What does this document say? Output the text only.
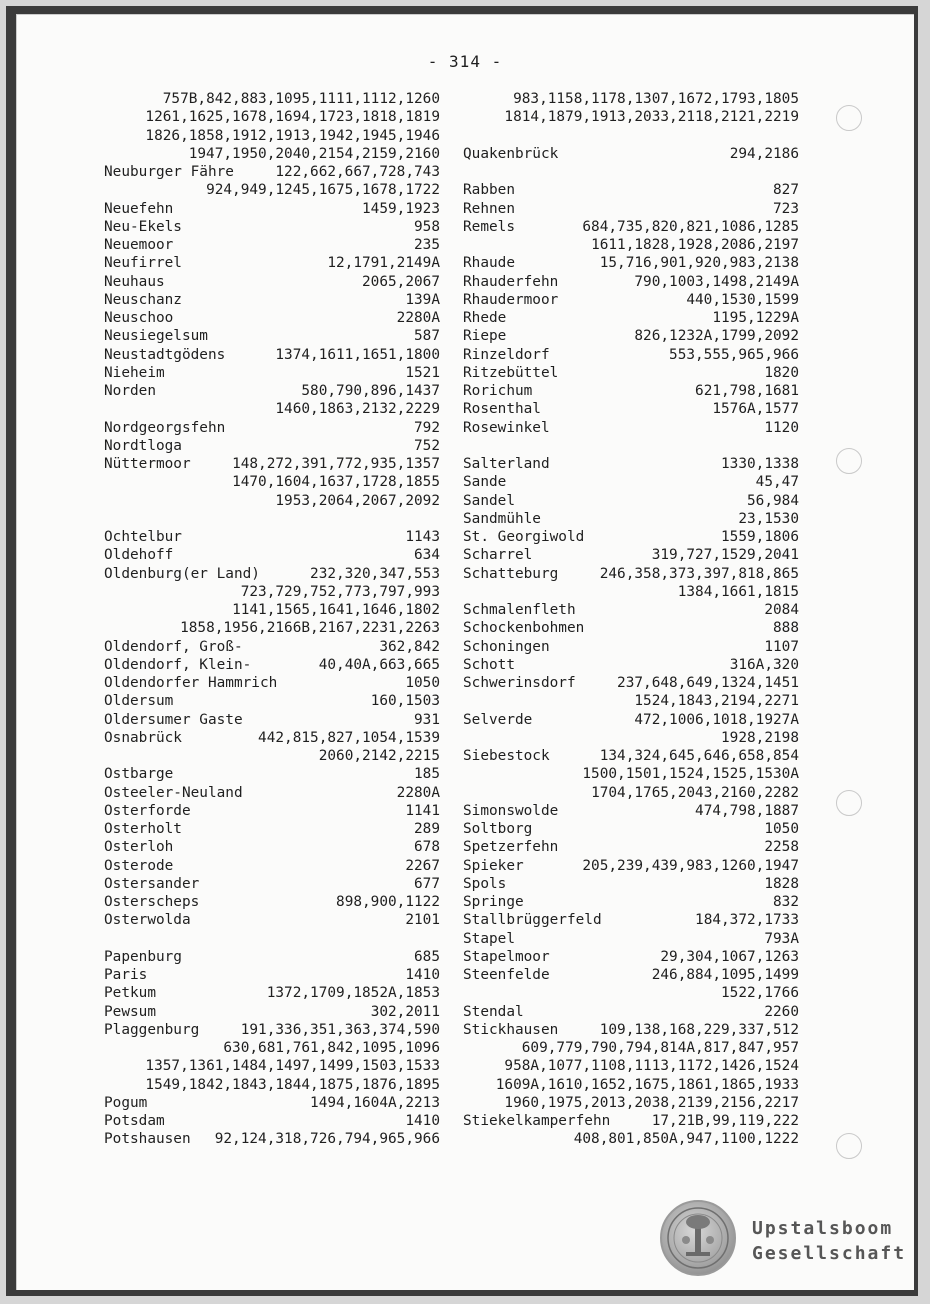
- 314 -
757B,842,883,1095,1111,1112,1260
1261,1625,1678,1694,1723,1818,1819
1826,1858,1912,1913,1942,1945,1946
1947,1950,2040,2154,2159,2160
Neuburger Fähre	122,662,667,728,743
924,949,1245,1675,1678,1722
Neuefehn	1459,1923
Neu-Ekels	958
Neuemoor	235
Neufirrel	12,1791,2149A
Neuhaus	2065,2067
Neuschanz	139A
Neuschoo	2280A
Neusiegelsum	587
Neustadtgödens	1374,1611,1651,1800
Nieheim	1521
Norden	580,790,896,1437
1460,1863,2132,2229
Nordgeorgsfehn	792
Nordtloga	752
Nüttermoor	148,272,391,772,935,1357
1470,1604,1637,1728,1855
1953,2064,2067,2092
Ochtelbur	1143
Oldehoff	634
Oldenburg(er Land)	232,320,347,553
723,729,752,773,797,993
1141,1565,1641,1646,1802
1858,1956,2166B,2167,2231,2263
Oldendorf, Groß-	362,842
Oldendorf, Klein-	40,40A,663,665
Oldendorfer Hammrich	1050
Oldersum	160,1503
Oldersumer Gaste	931
Osnabrück	442,815,827,1054,1539
2060,2142,2215
Ostbarge	185
Osteeler-Neuland	2280A
Osterforde	1141
Osterholt	289
Osterloh	678
Osterode	2267
Ostersander	677
Osterscheps	898,900,1122
Osterwolda	2101
Papenburg	685
Paris	1410
Petkum	1372,1709,1852A,1853
Pewsum	302,2011
Plaggenburg	191,336,351,363,374,590
630,681,761,842,1095,1096
1357,1361,1484,1497,1499,1503,1533
1549,1842,1843,1844,1875,1876,1895
Pogum	1494,1604A,2213
Potsdam	1410
Potshausen 92,124,318,726,794,965,966
983,1158,1178,1307,1672,1793,1805
1814,1879,1913,2033,2118,2121,2219
Quakenbrück	294,2186
Rabben	827
Rehnen	723
Remels	684,735,820,821,1086,1285
1611,1828,1928,2086,2197
Rhaude	15,716,901,920,983,2138
Rhauderfehn	790,1003,1498,2149A
Rhaudermoor	440,1530,1599
Rhede	1195,1229A
Riepe	826,1232A,1799,2092
Rinzeldorf	553,555,965,966
Ritzebüttel	1820
Rorichum	621,798,1681
Rosenthal	1576A,1577
Rosewinkel	1120
Salterland	1330,1338
Sande	45,47
Sandel	56,984
Sandmühle	23,1530
St. Georgiwold	1559,1806
Scharrel	319,727,1529,2041
Schatteburg	246,358,373,397,818,865
1384,1661,1815
Schmalenfleth	2084
Schockenbohmen	888
Schoningen	1107
Schott	316A,320
Schwerinsdorf	237,648,649,1324,1451
1524,1843,2194,2271
Selverde	472,1006,1018,1927A
1928,2198
Siebestock	134,324,645,646,658,854
1500,1501,1524,1525,1530A
1704,1765,2043,2160,2282
Simonswolde	474,798,1887
Soltborg	1050
Spetzerfehn	2258
Spieker	205,239,439,983,1260,1947
Spols	1828
Springe	832
Stallbrüggerfeld	184,372,1733
Stapel	793A
Stapelmoor	29,304,1067,1263
Steenfelde	246,884,1095,1499
1522,1766
Stendal	2260
Stickhausen	109,138,168,229,337,512
609,779,790,794,814A,817,847,957
958A,1077,1108,1113,1172,1426,1524
1609A,1610,1652,1675,1861,1865,1933
1960,1975,2013,2038,2139,2156,2217
Stiekelkamperfehn	17,21B,99,119,222
408,801,850A,947,1100,1222
Upstalsboom
Gesellschaft
